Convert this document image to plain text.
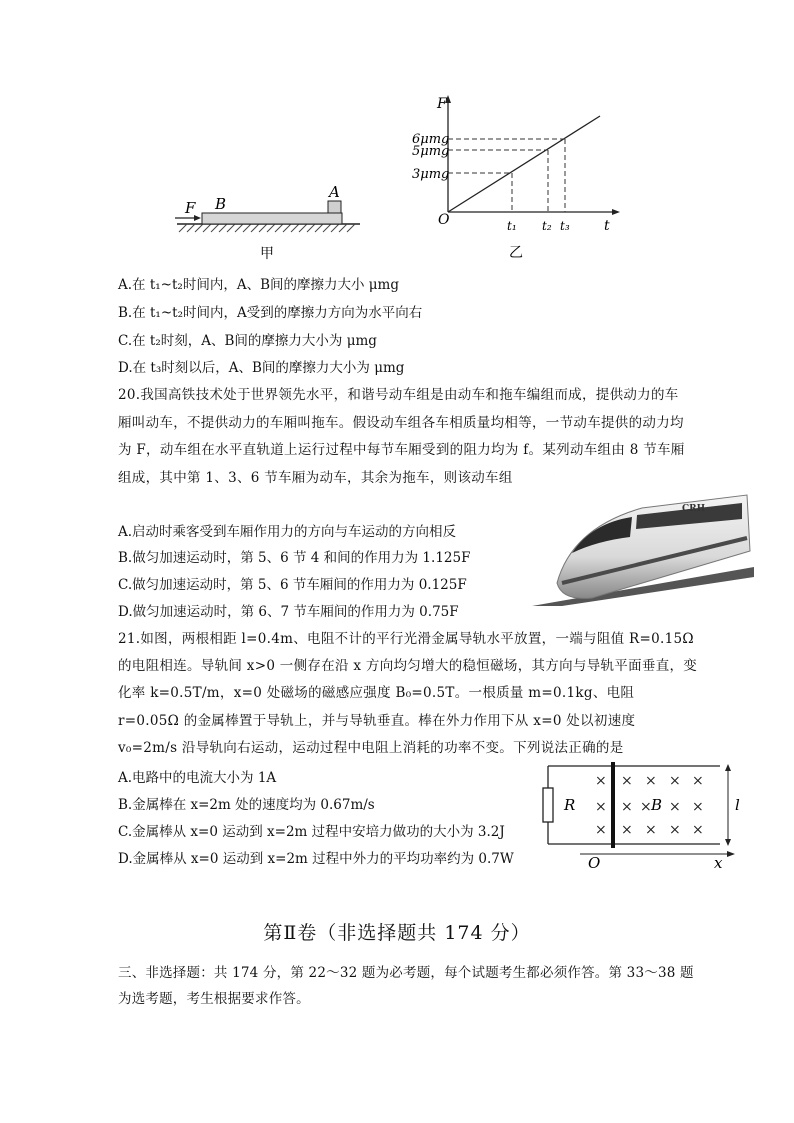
F B
A
甲
F
6μmg
5μmg
3μmg
O	t₁ t₂ t₃ t
乙
A.在 t₁~t₂时间内，A、B间的摩擦力大小 μmg
B.在 t₁~t₂时间内，A受到的摩擦力方向为水平向右
C.在 t₂时刻，A、B间的摩擦力大小为 μmg
D.在 t₃时刻以后，A、B间的摩擦力大小为 μmg
20.我国高铁技术处于世界领先水平，和谐号动车组是由动车和拖车编组而成，提供动力的车厢叫动车，不提供动力的车厢叫拖车。假设动车组各车相质量均相等，一节动车提供的动力均为 F，动车组在水平直轨道上运行过程中每节车厢受到的阻力均为 f。某列动车组由 8 节车厢组成，其中第 1、3、6 节车厢为动车，其余为拖车，则该动车组
CRH
A.启动时乘客受到车厢作用力的方向与车运动的方向相反
B.做匀加速运动时，第 5、6 节 4 和间的作用力为 1.125F
C.做匀加速运动时，第 5、6 节车厢间的作用力为 0.125F
D.做匀加速运动时，第 6、7 节车厢间的作用力为 0.75F
21.如图，两根相距 l=0.4m、电阻不计的平行光滑金属导轨水平放置，一端与阻值 R=0.15Ω 的电阻相连。导轨间 x>0 一侧存在沿 x 方向均匀增大的稳恒磁场，其方向与导轨平面垂直，变化率 k=0.5T/m，x=0 处磁场的磁感应强度 B₀=0.5T。一根质量 m=0.1kg、电阻 r=0.05Ω 的金属棒置于导轨上，并与导轨垂直。棒在外力作用下从 x=0 处以初速度 v₀=2m/s 沿导轨向右运动，运动过程中电阻上消耗的功率不变。下列说法正确的是
A.电路中的电流大小为 1A
B.金属棒在 x=2m 处的速度均为 0.67m/s
C.金属棒从 x=0 运动到 x=2m 过程中安培力做功的大小为 3.2J
D.金属棒从 x=0 运动到 x=2m 过程中外力的平均功率约为 0.7W
R
×
×
×
×
×
×
×
×
×
×
×
×
×
×
× B	l
O	x
第Ⅱ卷（非选择题共 174 分）
三、非选择题：共 174 分，第 22～32 题为必考题，每个试题考生都必须作答。第 33～38 题为选考题，考生根据要求作答。
